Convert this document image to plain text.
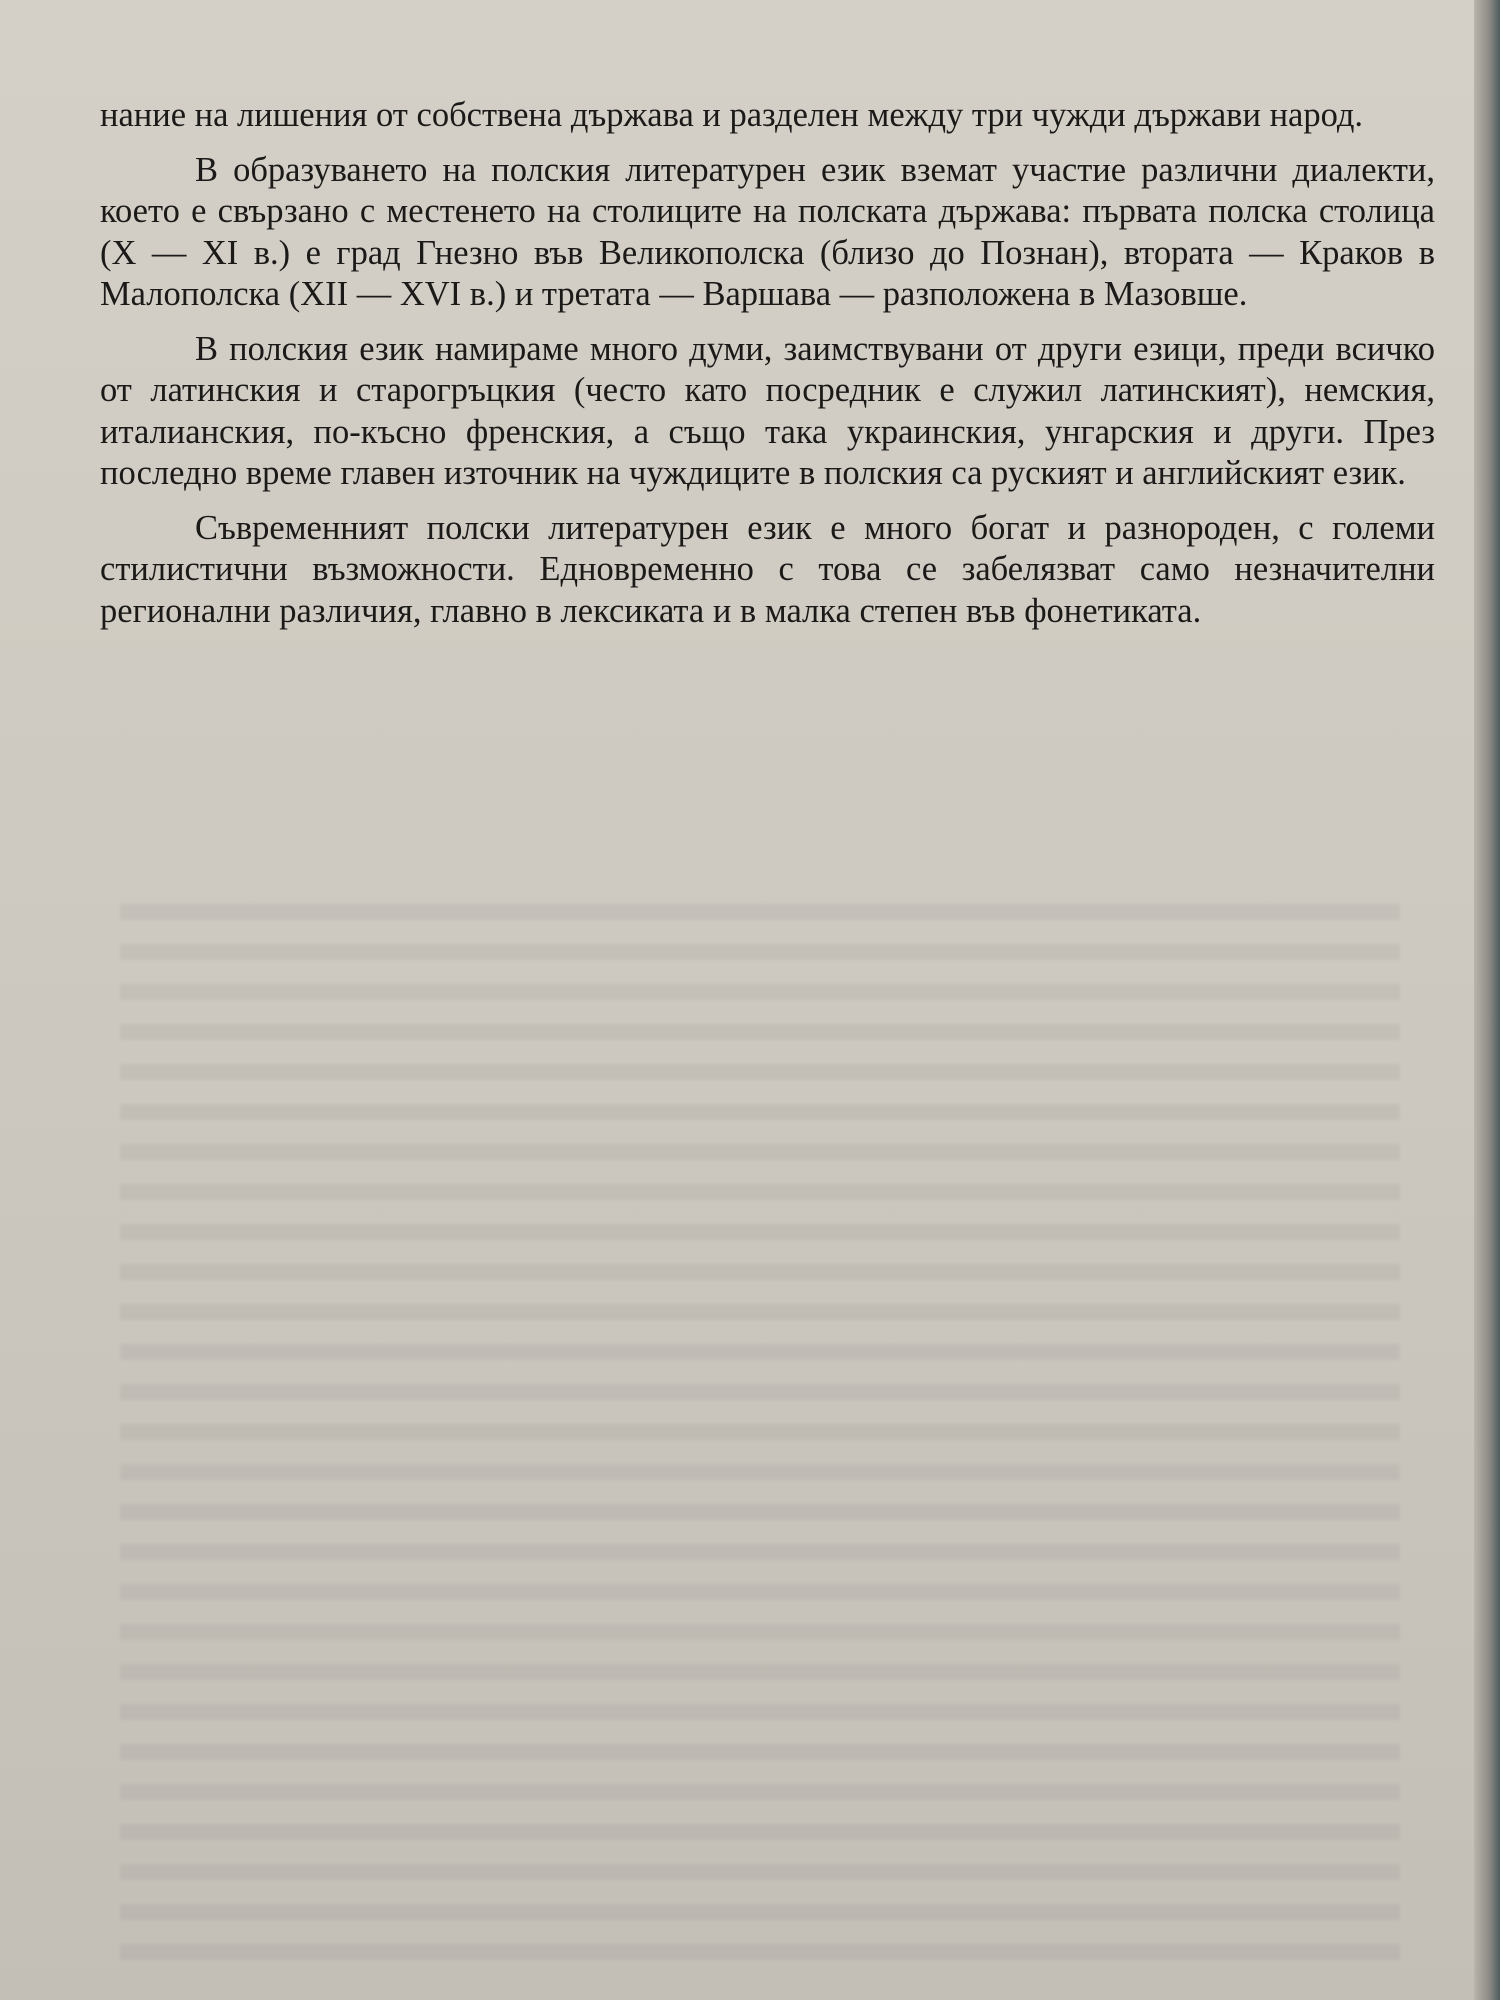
нание на лишения от собствена държава и разделен между три чужди държави народ.

В образуването на полския литературен език вземат участие различни диалекти, което е свързано с местенето на столиците на полската държава: първата полска столица (X — XI в.) е град Гнезно във Великополска (близо до Познан), втората — Краков в Малополска (XII — XVI в.) и третата — Варшава — разположена в Мазовше.

В полския език намираме много думи, заимствувани от други езици, преди всичко от латинския и старогръцкия (често като посредник е служил латинският), немския, италианския, по-късно френския, а също така украинския, унгарския и други. През последно време главен източник на чуждиците в полския са руският и английският език.

Съвременният полски литературен език е много богат и разнороден, с големи стилистични възможности. Едновременно с това се забелязват само незначителни регионални различия, главно в лексиката и в малка степен във фонетиката.
